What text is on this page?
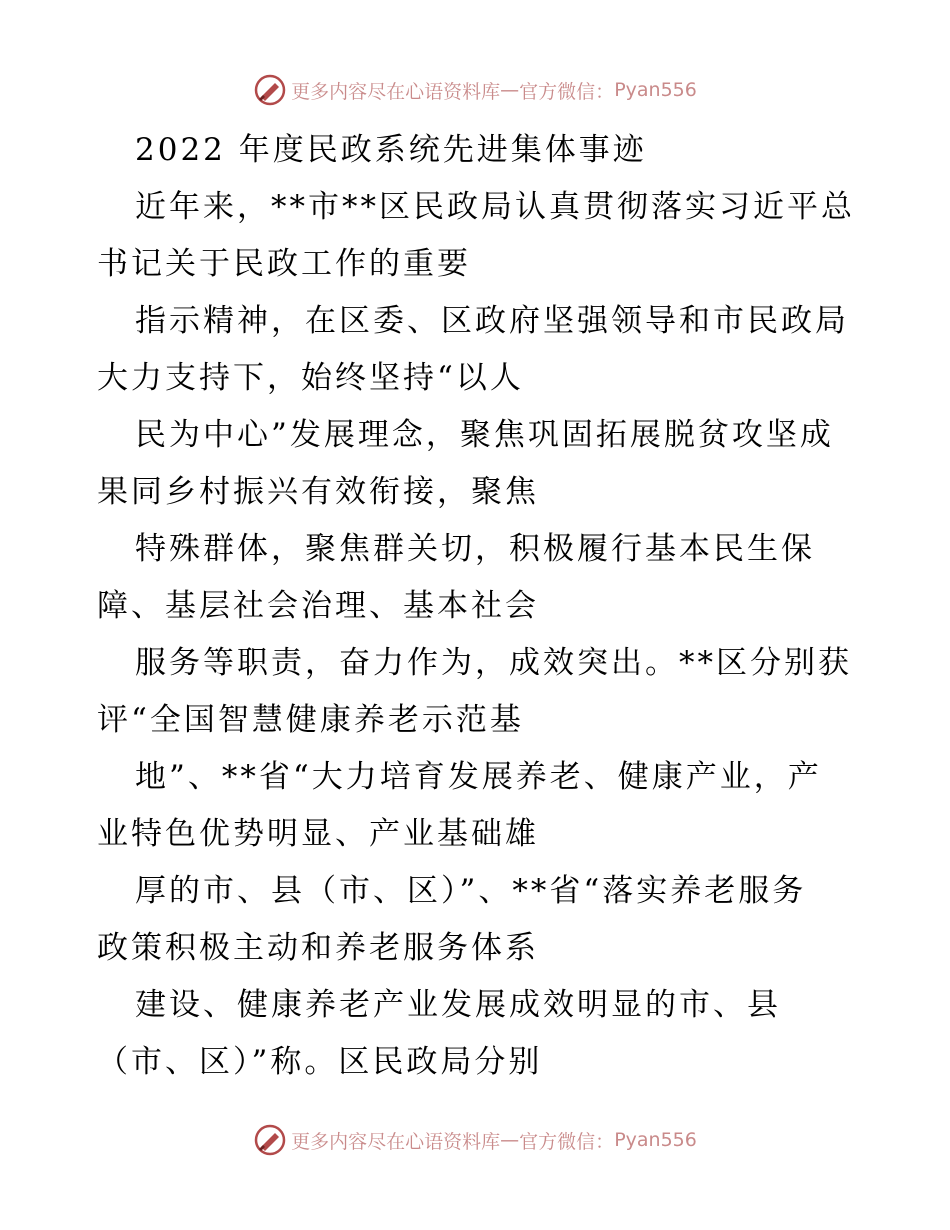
更多内容尽在心语资料库 — 官方微信： Pyan556
2022 年度民政系统先进集体事迹
近年来，**市**区民政局认真贯彻落实习近平总
书记关于民政工作的重要
指示精神，在区委、区政府坚强领导和市民政局
大力支持下，始终坚持“以人
民为中心”发展理念，聚焦巩固拓展脱贫攻坚成
果同乡村振兴有效衔接，聚焦
特殊群体，聚焦群关切，积极履行基本民生保
障、基层社会治理、基本社会
服务等职责，奋力作为，成效突出。**区分别获
评“全国智慧健康养老示范基
地”、**省“大力培育发展养老、健康产业，产
业特色优势明显、产业基础雄
厚的市、县（市、区）”、**省“落实养老服务
政策积极主动和养老服务体系
建设、健康养老产业发展成效明显的市、县
（市、区）”称。区民政局分别
更多内容尽在心语资料库 — 官方微信： Pyan556
